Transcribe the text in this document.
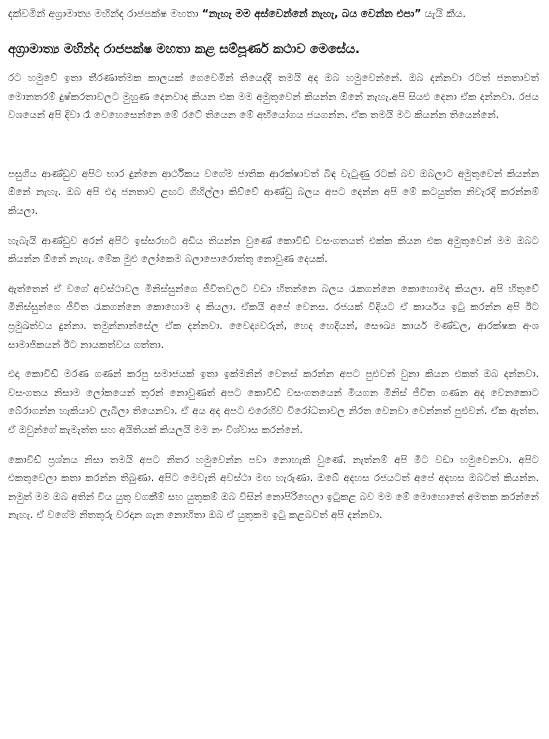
දක්වමින් අග්‍රාමාත්‍ය මහින්ද රාජපක්ෂ මහතා “නැහැ මම අස්වෙන්නේ නැහැ, බය වෙන්න එපා” යැයි කීය.

අග්‍රාමාත්‍ය මහින්ද රාජපක්ෂ මහතා කළ සම්පූර්ණ කථාව මෙසේය.

රට හමුවේ ඉතා තීරණාත්මක කාලයක් ගෙවෙමින් තියෙද්දි තමයි අද ඔබ හමුවෙන්නේ. ඔබ දන්නවා රටත් ජනතාවත් මොනතරම් දුෂ්කරතාවලට මුහුණ දෙනවාද කියන එක මම අමුතුවෙන් කියන්න ඕනේ නැහැ.අපි සියළු දෙනා ඒක දන්නවා. රජය වශයෙන් අපි දිවා රෑ වෙහෙසෙන්නෙ මේ රටේ තියෙන මේ අභියෝගය ජයගන්න. ඒක තමයි මට කියන්න තියෙන්නේ.

පසුගිය ආණ්ඩුව අපිට භාර දුන්නෙ ආර්ථිකය වගේම ජාතික ආරක්ෂාවත් බිඳ වැටුණු රටක් බව ඔබලාට අමුතුවෙන් කියන්න ඕනේ නැහැ. ඔබ අපි එදා ජනතාව ළඟට ගිහිල්ලා කිව්වේ ආණ්ඩු බලය අපට දෙන්න අපි මේ කටයුත්ත නිවැරදි කරන්නම් කියලා.

හැබැයි ආණ්ඩුව අරන් අපිට ඉස්සරහට අඩිය තියන්න වුණේ කොවිඩ් වසංගතයත් එක්ක කියන එක අමුතුවෙන් මම ඔබට කියන්න ඕනේ නැහැ. මේක මුළු ලෝකෙම බලාපොරොත්තු නොවුණ දෙයක්.

ඇත්තෙන් ඒ වගේ අවස්ථාවල මිනිස්සුන්ගෙ ජීවිතවලට වඩා හිතන්නෙ බලය රැකගන්නෙ කොහොමද කියලා. අපි හිතුවේ මිනිස්සුන්ගෙ ජීවිත රැකගන්නෙ කොහොම ද කියලා. ඒකයි අපේ වෙනස. රජයක් විදියට ඒ කාර්යය ඉටු කරන්න අපි ඊට ප්‍රමුඛත්වය දුන්නා. තමුන්නාන්සේල ඒක දන්නවා. වෛද්‍යවරුන්, හෙද හෙදියන්, සෞඛ්‍ය කාර්ය මණ්ඩල, ආරක්ෂක අංශ සාමාජිකයන් ඊට නායකත්වය ගත්තා.

එදා කොවිඩ් මරණ ගණන් කරපු සමාජයක් ඉතා ඉක්මනින් වෙනස් කරන්න අපට පුළුවන් වුනා කියන එකත් ඔබ දන්නවා. වසංගතය නිසාම ලෝකයෙන් තුරන් නොවුණත් අපට කොවිඩ් වසංගතයෙන් මියගන මිනිස් ජීවිත ගණන අද වෙනකොට බේරාගන්න හැකියාව ලැබිලා තියෙනවා. ඒ අය අද අපට එරෙහිව විරෝධතාවල නිරත වෙනවා වෙන්නත් පුළුවන්. ඒක ඇත්ත. ඒ ඔවුන්ගේ කැමැත්ත සහ අයිතියක් කියලයි මම නං විශ්වාස කරන්නේ.

කොවිඩ් ප්‍රශ්නය නිසා තමයි අපට නිතර හමුවෙන්න පවා නොහැකි වුණේ. නැත්නම් අපි මීට වඩා හමුවෙනවා. අපිට එකතුවෙලා කතා කරන්න තිබුණා. අපිට මෙවැනි අවස්ථා මඟ හැරුණා. ඔබේ අදහස රජයටත් අපේ අදහස ඔබටත් කියන්න. නමුත් මම ඔබ අතින් විය යුතු වගකීම් සහ යුතුකම් ඔබ විසින් නොපිරිහෙලා ඉටුකළ බව මම මේ මොහොතේ අමතක කරන්නේ නැහැ. ඒ වගේම නිතතුරු වරදාන ගැන නොහිතා ඔබ ඒ යුතුකම ඉටු කළබවත් අපි දන්නවා.
